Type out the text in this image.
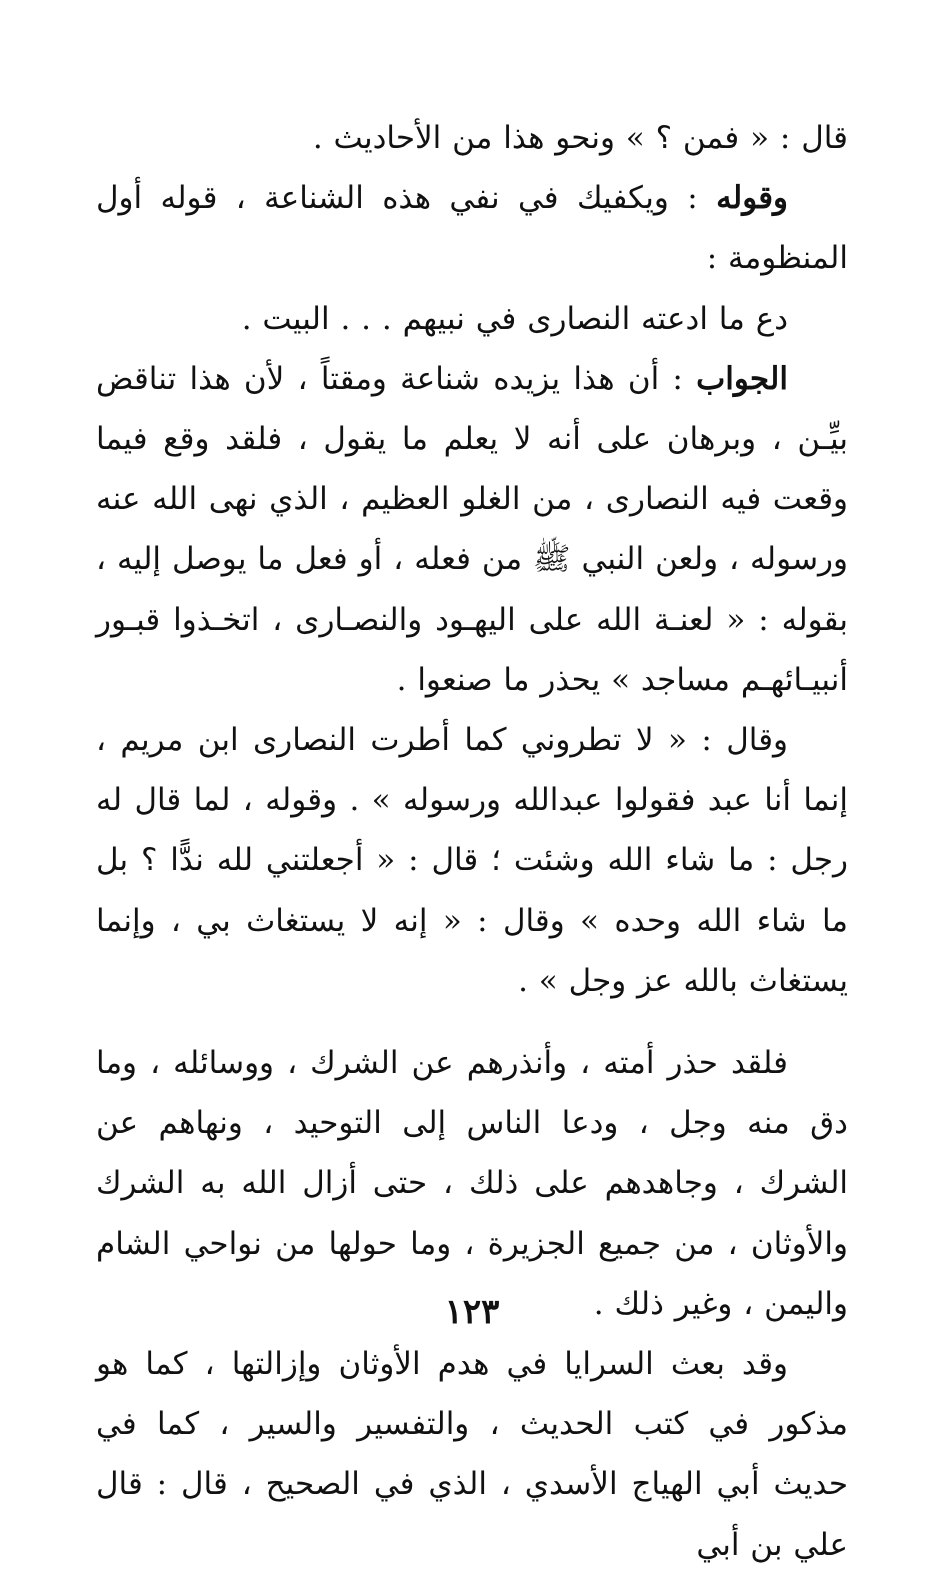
قال : « فمن ؟ » ونحو هذا من الأحاديث .

وقوله : ويكفيك في نفي هذه الشناعة ، قوله أول المنظومة :
دع ما ادعته النصارى في نبيهم . . . البيت .

الجواب : أن هذا يزيده شناعة ومقتاً ، لأن هذا تناقض بيِّـن ، وبرهان على أنه لا يعلم ما يقول ، فلقد وقع فيما وقعت فيه النصارى ، من الغلو العظيم ، الذي نهى الله عنه ورسوله ، ولعن النبي ﷺ من فعله ، أو فعل ما يوصل إليه ، بقوله : « لعنـة الله على اليهـود والنصـارى ، اتخـذوا قبـور أنبيـائهـم مساجد » يحذر ما صنعوا .

وقال : « لا تطروني كما أطرت النصارى ابن مريم ، إنما أنا عبد فقولوا عبدالله ورسوله » . وقوله ، لما قال له رجل : ما شاء الله وشئت ؛ قال : « أجعلتني لله ندًّا ؟ بل ما شاء الله وحده » وقال : « إنه لا يستغاث بي ، وإنما يستغاث بالله عز وجل » .

فلقد حذر أمته ، وأنذرهم عن الشرك ، ووسائله ، وما دق منه وجل ، ودعا الناس إلى التوحيد ، ونهاهم عن الشرك ، وجاهدهم على ذلك ، حتى أزال الله به الشرك والأوثان ، من جميع الجزيرة ، وما حولها من نواحي الشام واليمن ، وغير ذلك .

وقد بعث السرايا في هدم الأوثان وإزالتها ، كما هو مذكور في كتب الحديث ، والتفسير والسير ، كما في حديث أبي الهياج الأسدي ، الذي في الصحيح ، قال : قال علي بن أبي

١٢٣
